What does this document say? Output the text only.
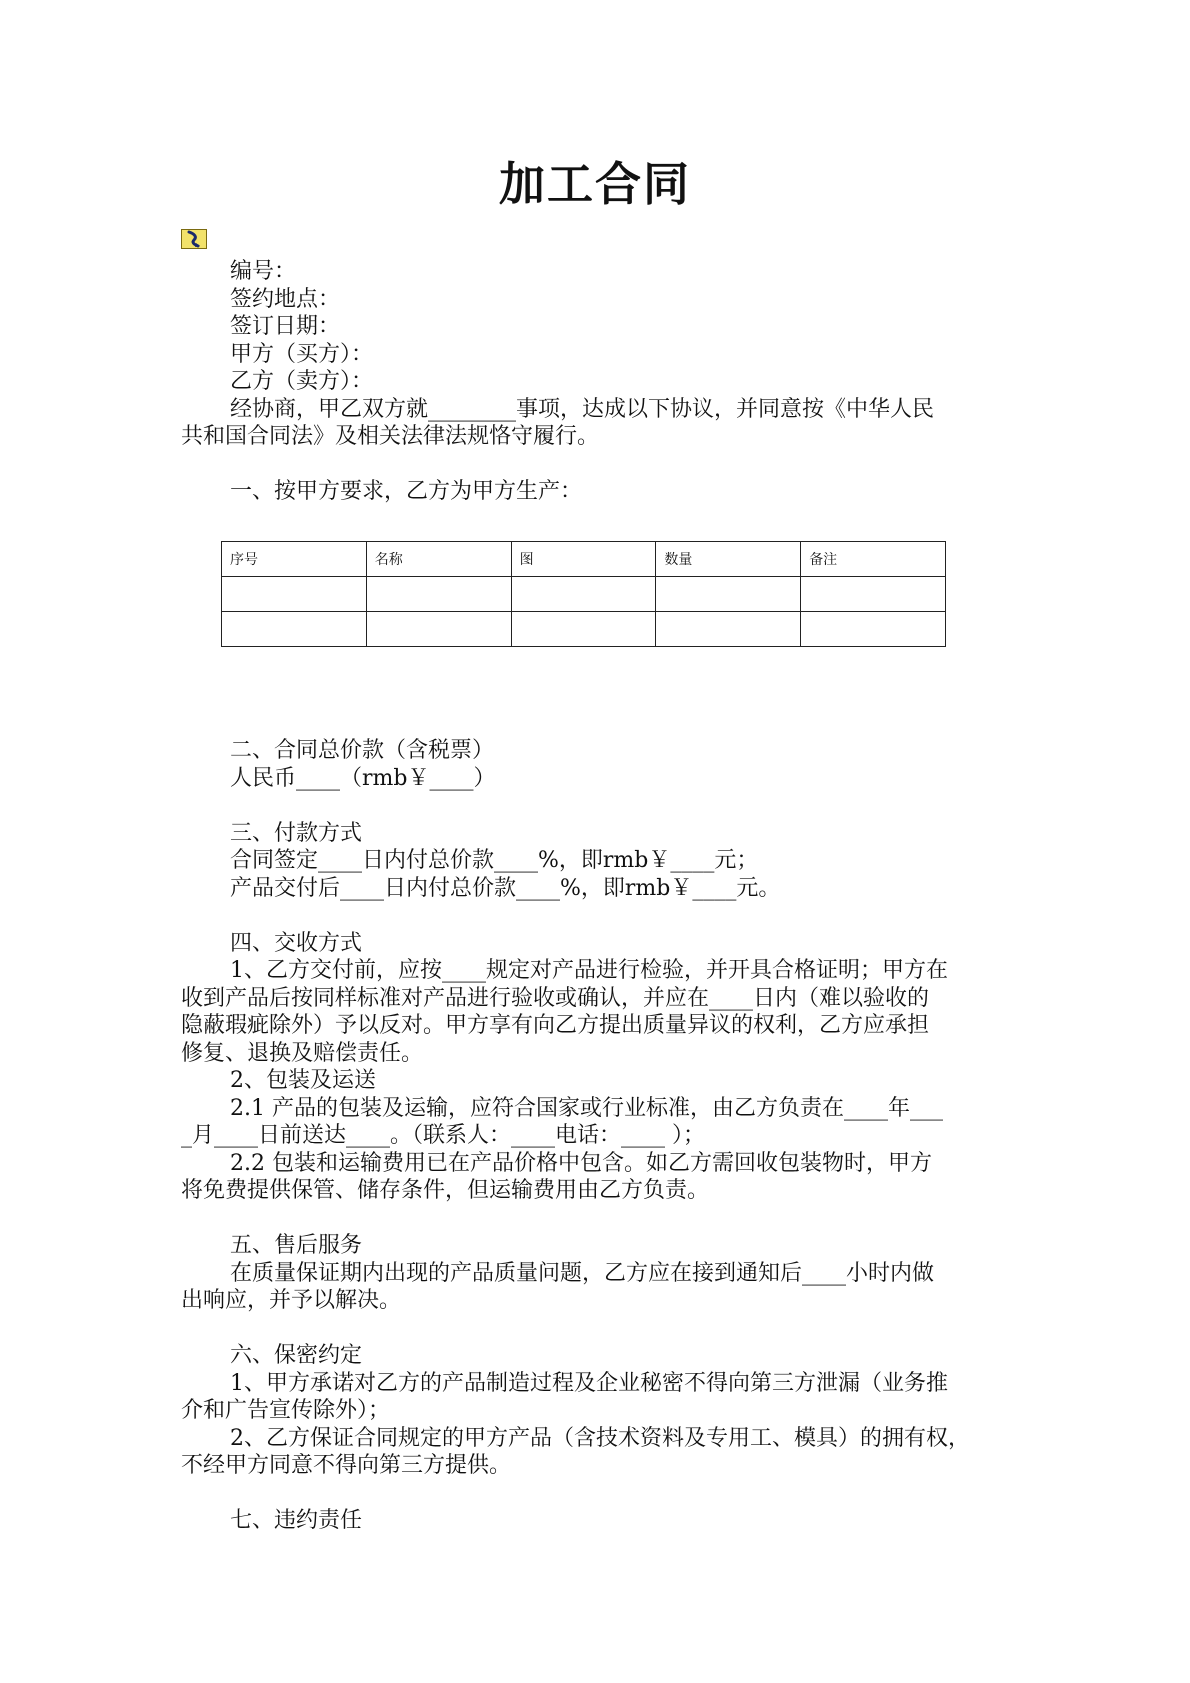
加工合同

编号：

签约地点：

签订日期：

甲方（买方）：

乙方（卖方）：

经协商，甲乙双方就________事项，达成以下协议，并同意按《中华人民

共和国合同法》及相关法律法规恪守履行。

一、按甲方要求，乙方为甲方生产：

序号	名称	图	数量	备注

二、合同总价款（含税票）

人民币____（rmb￥____）

三、付款方式

合同签定____日内付总价款____%，即rmb￥____元；

产品交付后____日内付总价款____%，即rmb￥____元。

四、交收方式

1、乙方交付前，应按____规定对产品进行检验，并开具合格证明；甲方在

收到产品后按同样标准对产品进行验收或确认，并应在____日内（难以验收的

隐蔽瑕疵除外）予以反对。甲方享有向乙方提出质量异议的权利，乙方应承担

修复、退换及赔偿责任。

2、包装及运送

2.1 产品的包装及运输，应符合国家或行业标准，由乙方负责在____年___

_月____日前送达____。（联系人：____电话：____ ）；

2.2 包装和运输费用已在产品价格中包含。如乙方需回收包装物时，甲方

将免费提供保管、储存条件，但运输费用由乙方负责。

五、售后服务

在质量保证期内出现的产品质量问题，乙方应在接到通知后____小时内做

出响应，并予以解决。

六、保密约定

1、甲方承诺对乙方的产品制造过程及企业秘密不得向第三方泄漏（业务推

介和广告宣传除外）；

2、乙方保证合同规定的甲方产品（含技术资料及专用工、模具）的拥有权，

不经甲方同意不得向第三方提供。

七、违约责任
